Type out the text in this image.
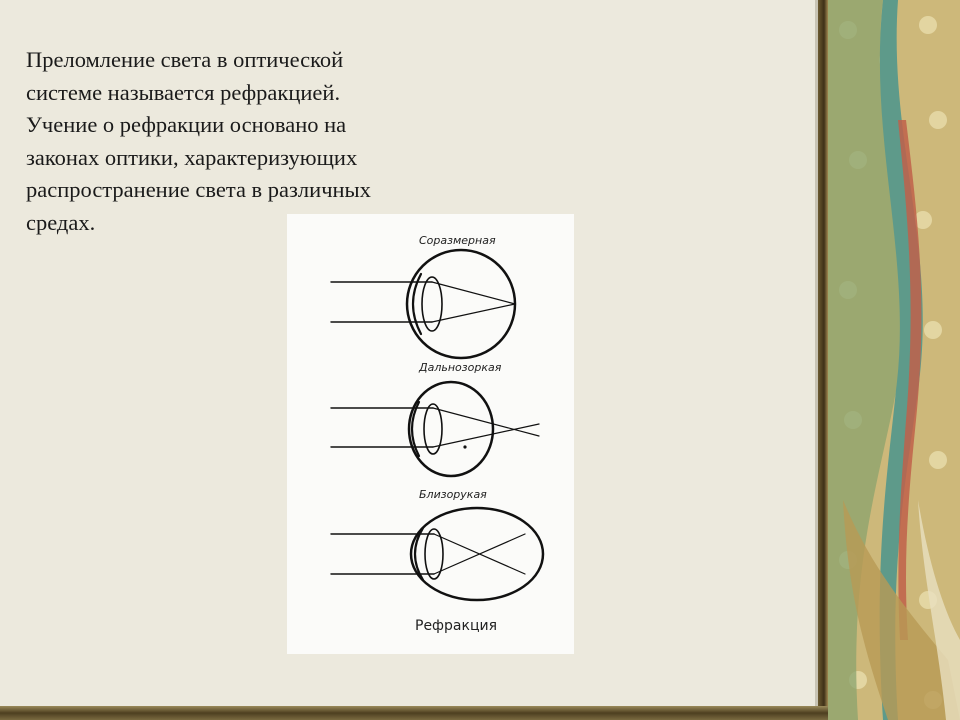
Преломление света в оптической
системе называется рефракцией.
Учение о рефракции основано на
законах оптики, характеризующих
распространение света в различных
средах.
Соразмерная
Дальнозоркая
Близорукая
Рефракция
